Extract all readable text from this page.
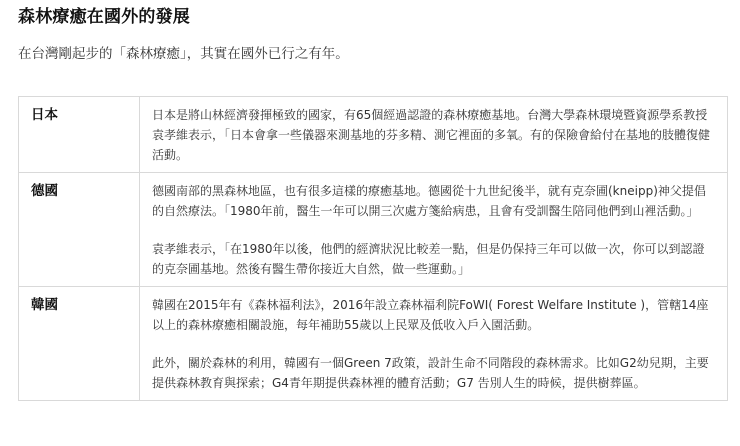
森林療癒在國外的發展

在台灣剛起步的「森林療癒」，其實在國外已行之有年。

日本	日本是將山林經濟發揮極致的國家，有65個經過認證的森林療癒基地。台灣大學森林環境暨資源學系教授袁孝維表示，「日本會拿一些儀器來測基地的芬多精、測它裡面的多氧。有的保險會給付在基地的肢體復健活動。

德國	德國南部的黑森林地區，也有很多這樣的療癒基地。德國從十九世紀後半，就有克奈圃(kneipp)神父提倡的自然療法。「1980年前，醫生一年可以開三次處方箋給病患，且會有受訓醫生陪同他們到山裡活動。」

袁孝維表示，「在1980年以後，他們的經濟狀況比較差一點，但是仍保持三年可以做一次，你可以到認證的克奈圃基地。然後有醫生帶你接近大自然，做一些運動。」

韓國	韓國在2015年有《森林福利法》，2016年設立森林福利院FoWI( Forest Welfare Institute )，管轄14座以上的森林療癒相關設施，每年補助55歲以上民眾及低收入戶入園活動。

此外，關於森林的利用，韓國有一個Green 7政策，設計生命不同階段的森林需求。比如G2幼兒期，主要提供森林教育與探索；G4青年期提供森林裡的體育活動；G7 告別人生的時候，提供樹葬區。
